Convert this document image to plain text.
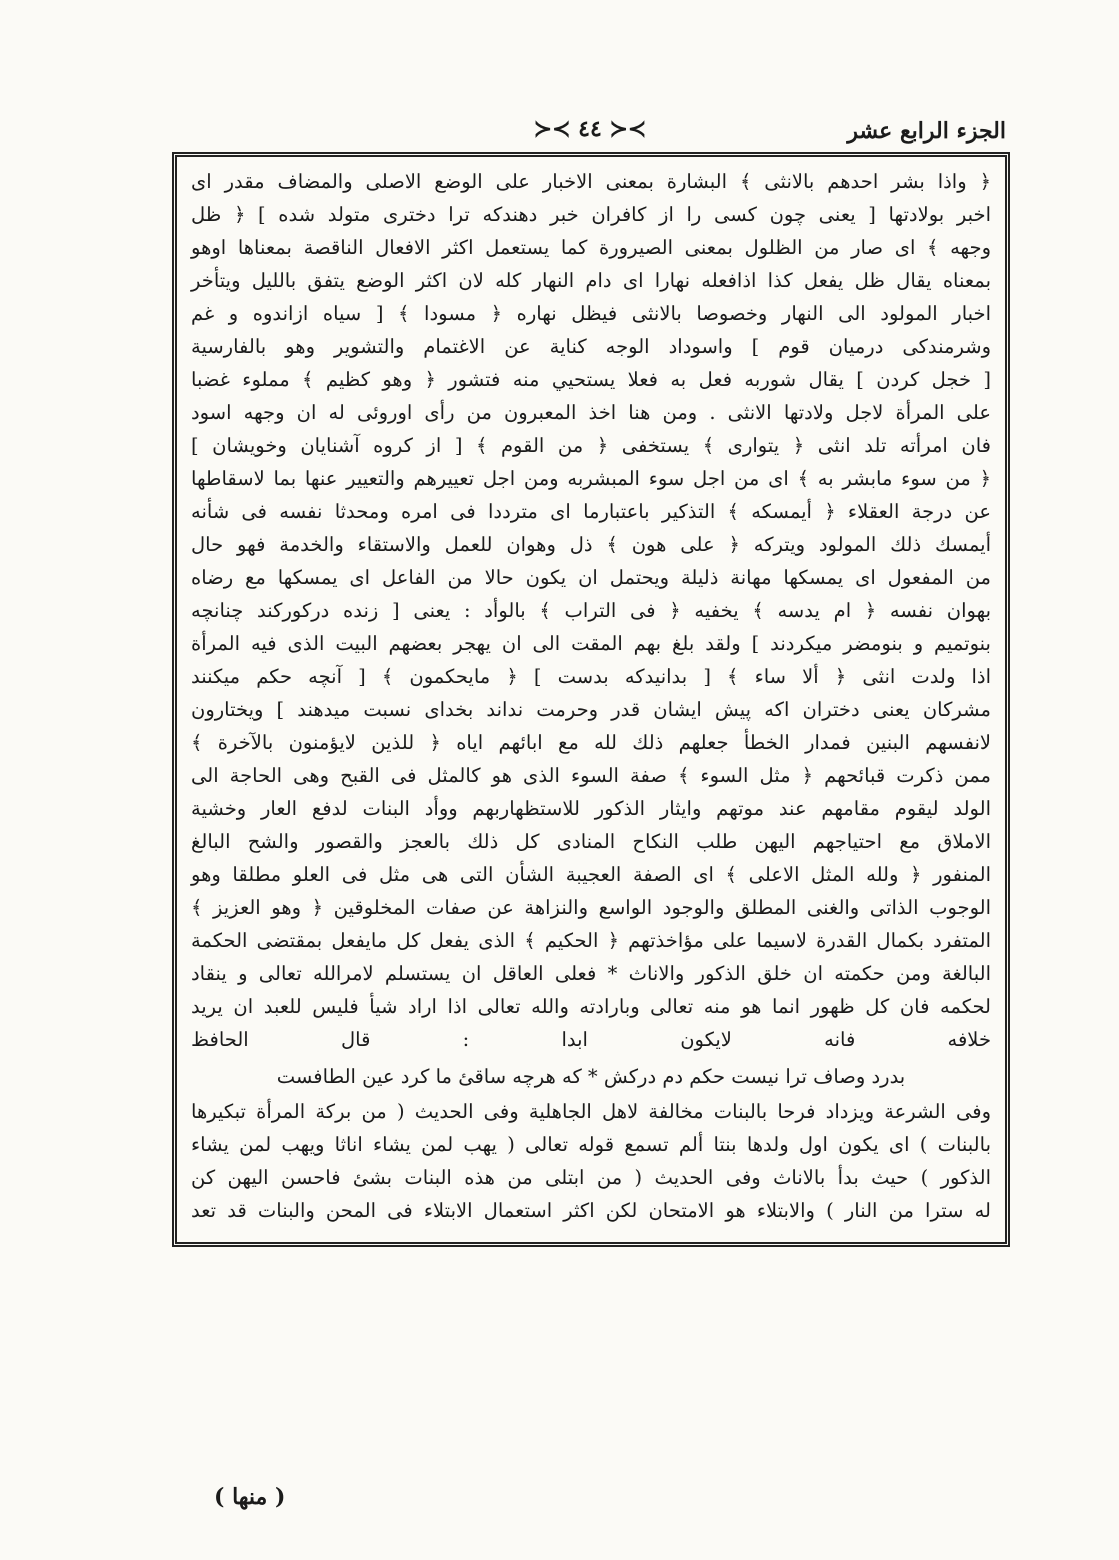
الجزء الرابع عشر
≻≺ ٤٤ ≻≺

﴿ واذا بشر احدهم بالانثى ﴾ البشارة بمعنى الاخبار على الوضع الاصلى والمضاف مقدر اى
اخبر بولادتها [ يعنى چون كسى را از كافران خبر دهندكه ترا دخترى متولد شده ] ﴿ ظل
وجهه ﴾ اى صار من الظلول بمعنى الصيرورة كما يستعمل اكثر الافعال الناقصة بمعناها اوهو
بمعناه يقال ظل يفعل كذا اذافعله نهارا اى دام النهار كله لان اكثر الوضع يتفق بالليل ويتأخر
اخبار المولود الى النهار وخصوصا بالانثى فيظل نهاره ﴿ مسودا ﴾ [ سياه ازاندوه و غم
وشرمندكى درميان قوم ] واسوداد الوجه كناية عن الاغتمام والتشوير وهو بالفارسية
[ خجل كردن ] يقال شوربه فعل به فعلا يستحيي منه فتشور ﴿ وهو كظيم ﴾ مملوء غضبا
على المرأة لاجل ولادتها الانثى . ومن هنا اخذ المعبرون من رأى اوروئى له ان وجهه اسود
فان امرأته تلد انثى ﴿ يتوارى ﴾ يستخفى ﴿ من القوم ﴾ [ از كروه آشنايان وخويشان ]
﴿ من سوء مابشر به ﴾ اى من اجل سوء المبشربه ومن اجل تعييرهم والتعيير عنها بما لاسقاطها
عن درجة العقلاء ﴿ أيمسكه ﴾ التذكير باعتبارما اى مترددا فى امره ومحدثا نفسه فى شأنه
أيمسك ذلك المولود ويتركه ﴿ على هون ﴾ ذل وهوان للعمل والاستقاء والخدمة فهو حال
من المفعول اى يمسكها مهانة ذليلة ويحتمل ان يكون حالا من الفاعل اى يمسكها مع رضاه
بهوان نفسه ﴿ ام يدسه ﴾ يخفيه ﴿ فى التراب ﴾ بالوأد : يعنى [ زنده دركوركند چنانچه
بنوتميم و بنومضر ميكردند ] ولقد بلغ بهم المقت الى ان يهجر بعضهم البيت الذى فيه المرأة
اذا ولدت انثى ﴿ ألا ساء ﴾ [ بدانيدكه بدست ] ﴿ مايحكمون ﴾ [ آنچه حكم ميكنند
مشركان يعنى دختران اكه پيش ايشان قدر وحرمت نداند بخداى نسبت ميدهند ] ويختارون
لانفسهم البنين فمدار الخطأ جعلهم ذلك لله مع ابائهم اياه ﴿ للذين لايؤمنون بالآخرة ﴾
ممن ذكرت قبائحهم ﴿ مثل السوء ﴾ صفة السوء الذى هو كالمثل فى القبح وهى الحاجة الى
الولد ليقوم مقامهم عند موتهم وايثار الذكور للاستظهاربهم ووأد البنات لدفع العار وخشية
الاملاق مع احتياجهم اليهن طلب النكاح المنادى كل ذلك بالعجز والقصور والشح البالغ
المنفور ﴿ ولله المثل الاعلى ﴾ اى الصفة العجيبة الشأن التى هى مثل فى العلو مطلقا وهو
الوجوب الذاتى والغنى المطلق والوجود الواسع والنزاهة عن صفات المخلوقين ﴿ وهو العزيز ﴾
المتفرد بكمال القدرة لاسيما على مؤاخذتهم ﴿ الحكيم ﴾ الذى يفعل كل مايفعل بمقتضى الحكمة
البالغة ومن حكمته ان خلق الذكور والاناث * فعلى العاقل ان يستسلم لامرالله تعالى و ينقاد
لحكمه فان كل ظهور انما هو منه تعالى وبارادته والله تعالى اذا اراد شيأ فليس للعبد ان يريد
خلافه فانه لايكون ابدا : قال الحافظ

بدرد وصاف ترا نيست حكم دم دركش * كه هرچه ساقئ ما كرد عين الطافست

وفى الشرعة ويزداد فرحا بالبنات مخالفة لاهل الجاهلية وفى الحديث ( من بركة المرأة تبكيرها
بالبنات ) اى يكون اول ولدها بنتا ألم تسمع قوله تعالى ( يهب لمن يشاء اناثا ويهب لمن يشاء
الذكور ) حيث بدأ بالاناث وفى الحديث ( من ابتلى من هذه البنات بشئ فاحسن اليهن كن
له سترا من النار ) والابتلاء هو الامتحان لكن اكثر استعمال الابتلاء فى المحن والبنات قد تعد

( منها )
